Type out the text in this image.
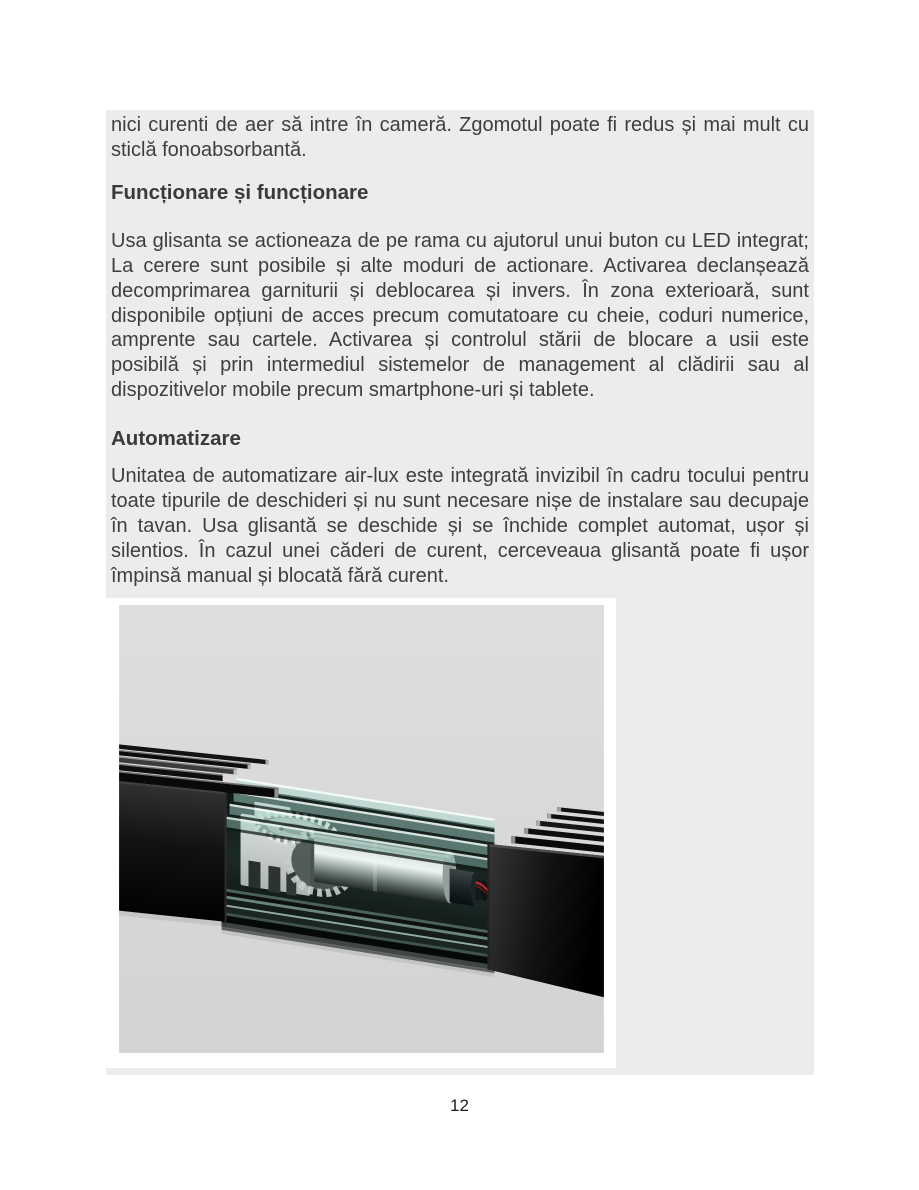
nici curenti de aer să intre în cameră. Zgomotul poate fi redus și mai mult cu sticlă fonoabsorbantă.

Funcționare și funcționare

Usa glisanta se actioneaza de pe rama cu ajutorul unui buton cu LED integrat; La cerere sunt posibile și alte moduri de actionare. Activarea declanșează decomprimarea garniturii și deblocarea și invers. În zona exterioară, sunt disponibile opțiuni de acces precum comutatoare cu cheie, coduri numerice, amprente sau cartele. Activarea și controlul stării de blocare a usii este posibilă și prin intermediul sistemelor de management al clădirii sau al dispozitivelor mobile precum smartphone-uri și tablete.

Automatizare

Unitatea de automatizare air-lux este integrată invizibil în cadru tocului pentru toate tipurile de deschideri și nu sunt necesare nișe de instalare sau decupaje în tavan. Usa glisantă se deschide și se închide complet automat, ușor și silentios. În cazul unei căderi de curent, cerceveaua glisantă poate fi ușor împinsă manual și blocată fără curent.

12
